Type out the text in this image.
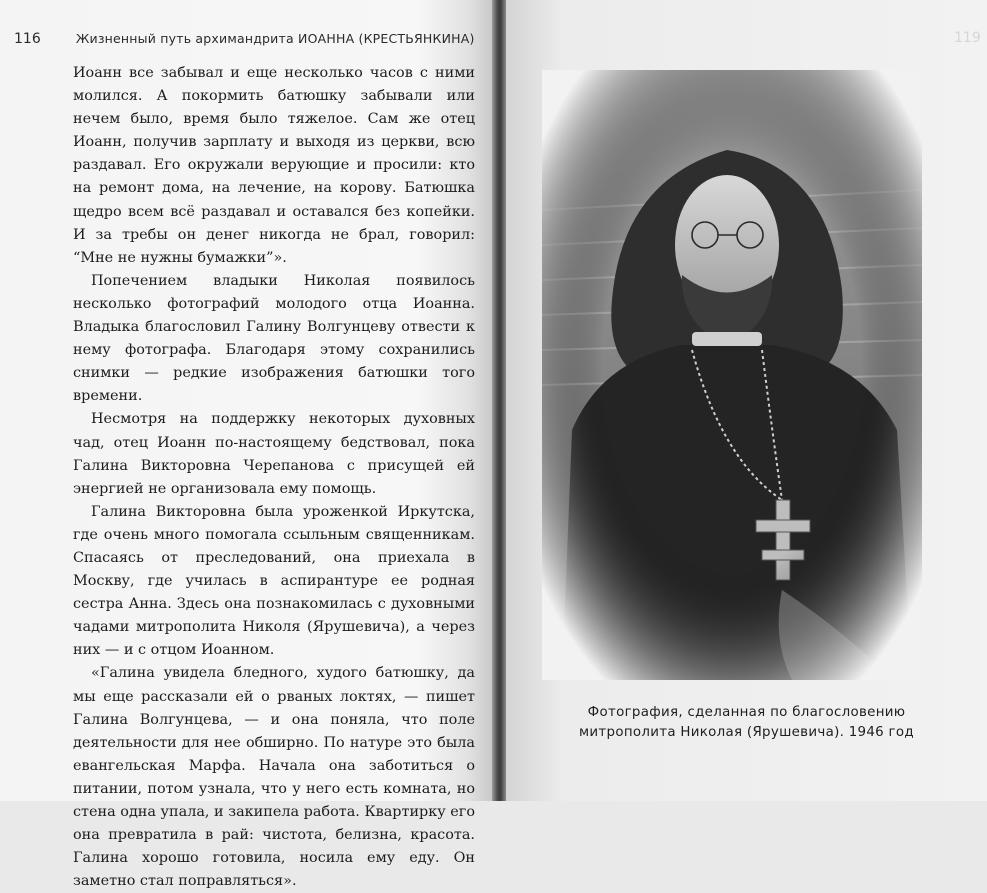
116	Жизненный путь архимандрита ИОАННА (КРЕСТЬЯНКИНА)

Иоанн все забывал и еще несколько часов с ними молился. А покормить батюшку забывали или нечем было, время было тяжелое. Сам же отец Иоанн, получив зарплату и выходя из церкви, всю раздавал. Его окружали верующие и просили: кто на ремонт дома, на лечение, на корову. Батюшка щедро всем всё раздавал и оставался без копейки. И за требы он денег никогда не брал, говорил: “Мне не нужны бумажки”».

Попечением владыки Николая появилось несколько фотографий молодого отца Иоанна. Владыка благословил Галину Волгунцеву отвести к нему фотографа. Благодаря этому сохранились снимки — редкие изображения батюшки того времени.

Несмотря на поддержку некоторых духовных чад, отец Иоанн по-настоящему бедствовал, пока Галина Викторовна Черепанова с присущей ей энергией не организовала ему помощь.

Галина Викторовна была уроженкой Иркутска, где очень много помогала ссыльным священникам. Спасаясь от преследований, она приехала в Москву, где училась в аспирантуре ее родная сестра Анна. Здесь она познакомилась с духовными чадами митрополита Николя (Ярушевича), а через них — и с отцом Иоанном.

«Галина увидела бледного, худого батюшку, да мы еще рассказали ей о рваных локтях, — пишет Галина Волгунцева, — и она поняла, что поле деятельности для нее обширно. По натуре это была евангельская Марфа. Начала она заботиться о питании, потом узнала, что у него есть комната, но стена одна упала, и закипела работа. Квартирку его она превратила в рай: чистота, белизна, красота. Галина хорошо готовила, носила ему еду. Он заметно стал поправляться».

119
Фотография, сделанная по благословению
митрополита Николая (Ярушевича). 1946 год
